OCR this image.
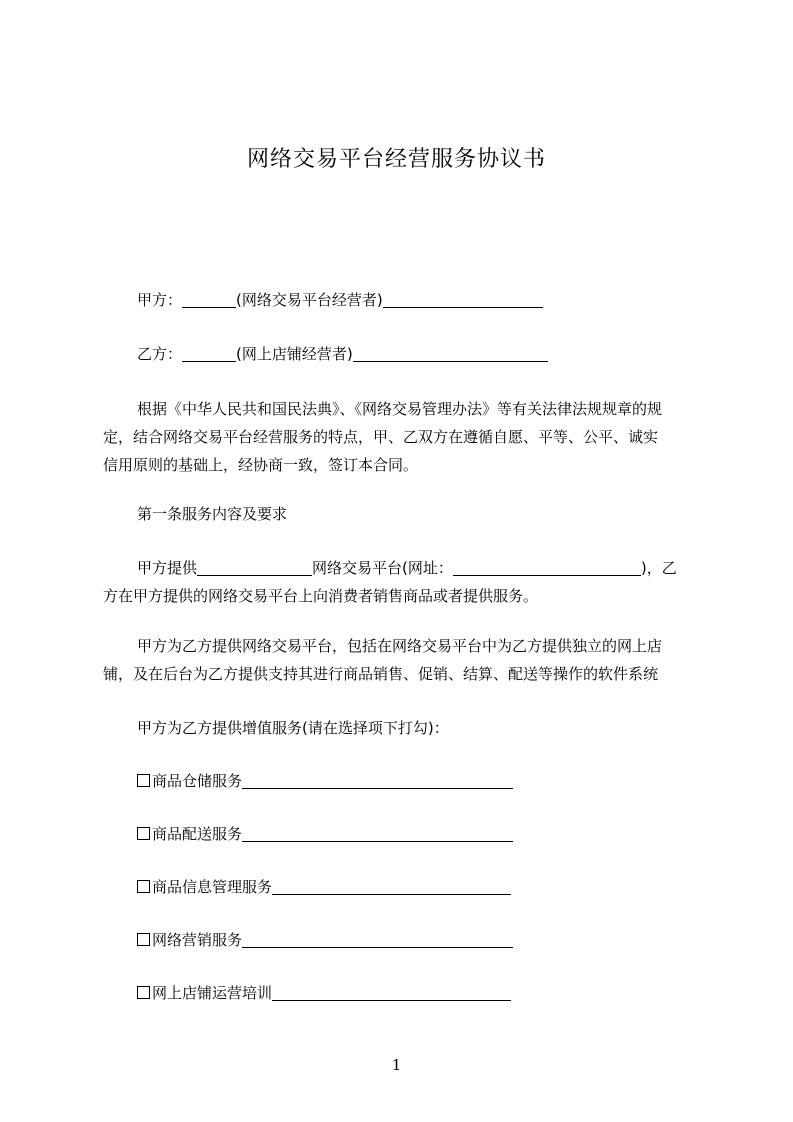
网络交易平台经营服务协议书
甲方：	(网络交易平台经营者)
乙方：	(网上店铺经营者)

根据《中华人民共和国民法典》、《网络交易管理办法》等有关法律法规规章的规

定，结合网络交易平台经营服务的特点，甲、乙双方在遵循自愿、平等、公平、诚实

信用原则的基础上，经协商一致，签订本合同。

第一条服务内容及要求

甲方提供	网络交易平台(网址：	)，乙

方在甲方提供的网络交易平台上向消费者销售商品或者提供服务。

甲方为乙方提供网络交易平台，包括在网络交易平台中为乙方提供独立的网上店

铺，及在后台为乙方提供支持其进行商品销售、促销、结算、配送等操作的软件系统

甲方为乙方提供增值服务(请在选择项下打勾)：
商品仓储服务
商品配送服务
商品信息管理服务
网络营销服务
网上店铺运营培训
1
